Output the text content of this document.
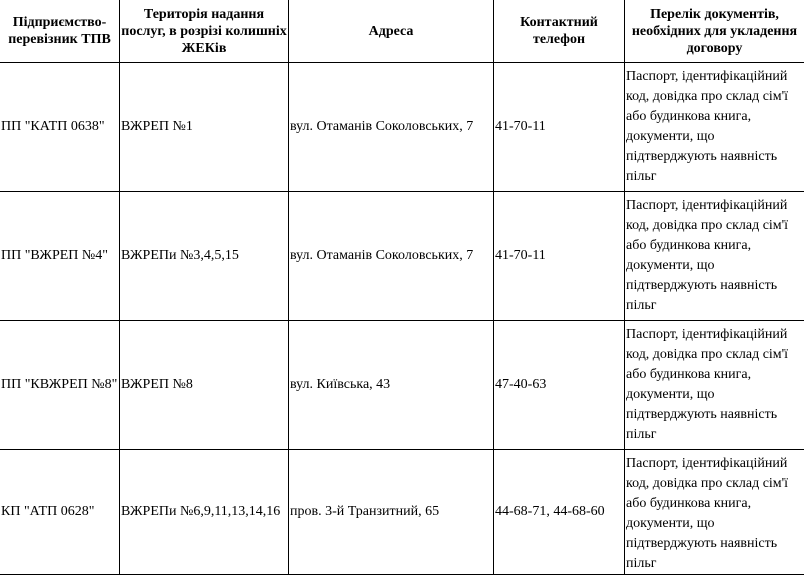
Підприємство-перевізник ТПВ	Територія надання послуг, в розрізі колишніх ЖЕКів	Адреса	Контактний телефон	Перелік документів, необхідних для укладення договору
ПП "КАТП 0638"	ВЖРЕП №1	вул. Отаманів Соколовських, 7	41-70-11	Паспорт, ідентифікаційний код, довідка про склад сім'ї або будинкова книга, документи, що підтверджують наявність пільг
ПП "ВЖРЕП №4"	ВЖРЕПи №3,4,5,15	вул. Отаманів Соколовських, 7	41-70-11	Паспорт, ідентифікаційний код, довідка про склад сім'ї або будинкова книга, документи, що підтверджують наявність пільг
ПП "КВЖРЕП №8"	ВЖРЕП №8	вул. Київська, 43	47-40-63	Паспорт, ідентифікаційний код, довідка про склад сім'ї або будинкова книга, документи, що підтверджують наявність пільг
КП "АТП 0628"	ВЖРЕПи №6,9,11,13,14,16	пров. 3-й Транзитний, 65	44-68-71, 44-68-60	Паспорт, ідентифікаційний код, довідка про склад сім'ї або будинкова книга, документи, що підтверджують наявність пільг
